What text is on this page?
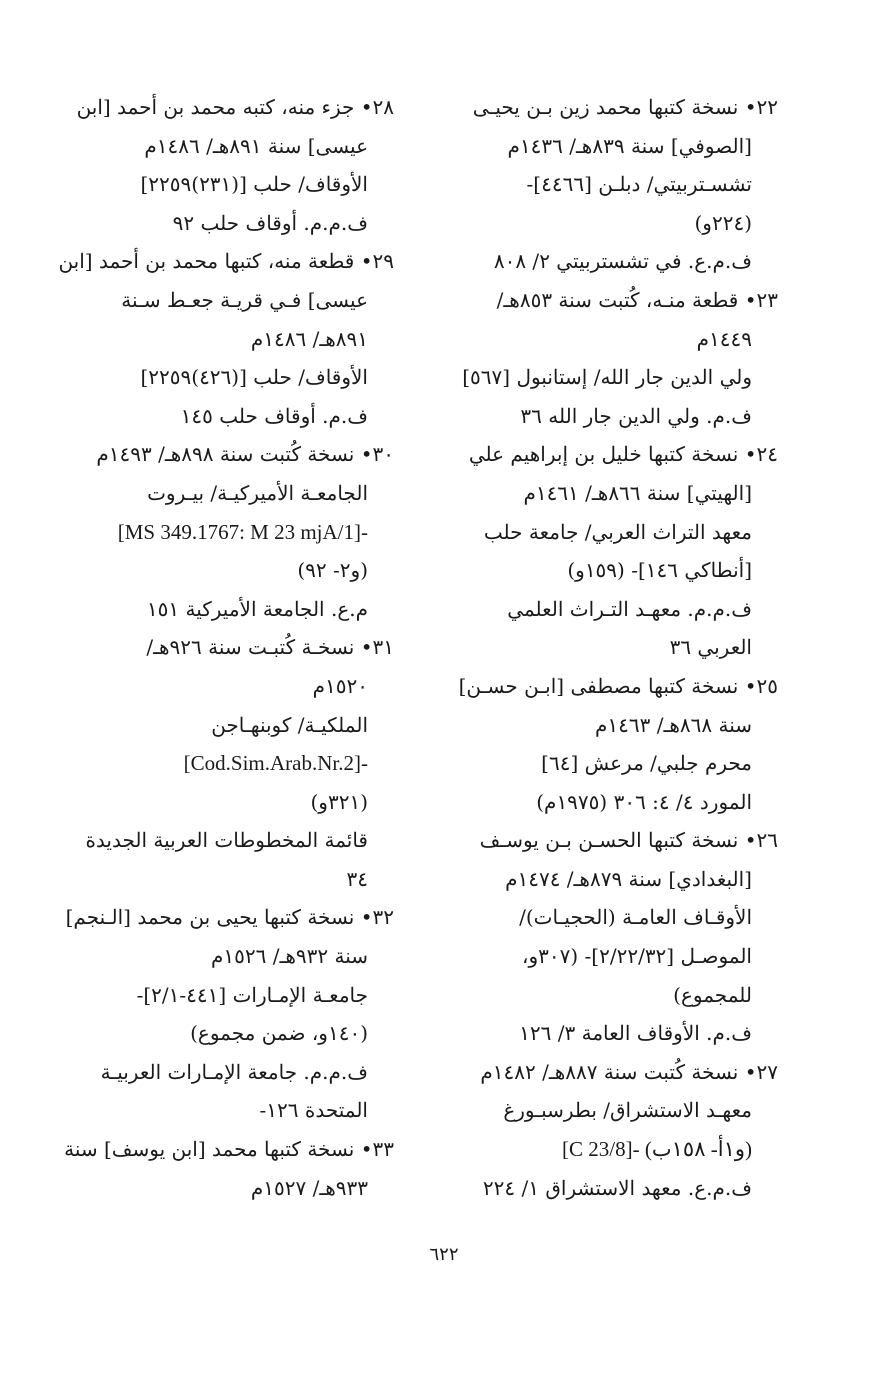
٢٢• نسخة كتبها محمد زين بـن يحيـى
[الصوفي] سنة ٨٣٩هـ/ ١٤٣٦م
تشسـتربيتي/ دبلـن [٤٤٦٦]-
(٢٢٤و)
ف.م.ع. في تشستربيتي ٢/ ٨٠٨
٢٣• قطعة منـه، كُتبت سنة ٨٥٣هـ/
١٤٤٩م
ولي الدين جار الله/ إستانبول [٥٦٧]
ف.م. ولي الدين جار الله ٣٦
٢٤• نسخة كتبها خليل بن إبراهيم علي
[الهيتي] سنة ٨٦٦هـ/ ١٤٦١م
معهد التراث العربي/ جامعة حلب
[أنطاكي ١٤٦]- (١٥٩و)
ف.م.م. معهـد التـراث العلمي
العربي ٣٦
٢٥• نسخة كتبها مصطفى [ابـن حسـن]
سنة ٨٦٨هـ/ ١٤٦٣م
محرم جلبي/ مرعش [٦٤]
المورد ٤/ ٤: ٣٠٦ (١٩٧٥م)
٢٦• نسخة كتبها الحسـن بـن يوسـف
[البغدادي] سنة ٨٧٩هـ/ ١٤٧٤م
الأوقـاف العامـة (الحجيـات)/
الموصـل [٢/٢٢/٣٢]- (٣٠٧و،
للمجموع)
ف.م. الأوقاف العامة ٣/ ١٢٦
٢٧• نسخة كُتبت سنة ٨٨٧هـ/ ١٤٨٢م
معهـد الاستشراق/ بطرسبـورغ
[C 23/8]- (و١أ- ١٥٨ب)
ف.م.ع. معهد الاستشراق ١/ ٢٢٤
٢٨• جزء منه، كتبه محمد بن أحمد [ابن
عيسى] سنة ٨٩١هـ/ ١٤٨٦م
الأوقاف/ حلب [(٢٣١)٢٢٥٩]
ف.م.م. أوقاف حلب ٩٢
٢٩• قطعة منه، كتبها محمد بن أحمد [ابن
عيسى] فـي قريـة جعـط سـنة
٨٩١هـ/ ١٤٨٦م
الأوقاف/ حلب [(٤٢٦)٢٢٥٩]
ف.م. أوقاف حلب ١٤٥
٣٠• نسخة كُتبت سنة ٨٩٨هـ/ ١٤٩٣م
الجامعـة الأميركيـة/ بيـروت
[MS 349.1767: M 23 mjA/1]-
(و٢- ٩٢)
م.ع. الجامعة الأميركية ١٥١
٣١• نسخـة كُتبـت سنة ٩٢٦هـ/
١٥٢٠م
الملكيـة/ كوبنهـاجن
[Cod.Sim.Arab.Nr.2]-
(٣٢١و)
قائمة المخطوطات العربية الجديدة
٣٤
٣٢• نسخة كتبها يحيى بن محمد [الـنجم]
سنة ٩٣٢هـ/ ١٥٢٦م
جامعـة الإمـارات [٤٤١-٢/١]-
(١٤٠و، ضمن مجموع)
ف.م.م. جامعة الإمـارات العربيـة
المتحدة ١٢٦-
٣٣• نسخة كتبها محمد [ابن يوسف] سنة
٩٣٣هـ/ ١٥٢٧م
٦٢٢
